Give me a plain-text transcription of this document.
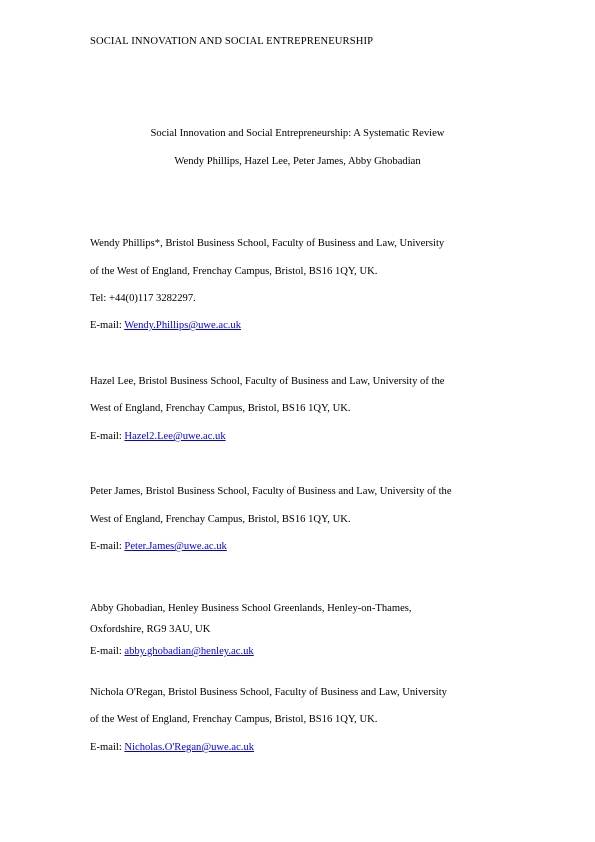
SOCIAL INNOVATION AND SOCIAL ENTREPRENEURSHIP
Social Innovation and Social Entrepreneurship: A Systematic Review
Wendy Phillips, Hazel Lee, Peter James, Abby Ghobadian
Wendy Phillips*, Bristol Business School, Faculty of Business and Law, University
of the West of England, Frenchay Campus, Bristol, BS16 1QY, UK.
Tel: +44(0)117 3282297.
E-mail: Wendy.Phillips@uwe.ac.uk
Hazel Lee, Bristol Business School, Faculty of Business and Law, University of the
West of England, Frenchay Campus, Bristol, BS16 1QY, UK.
E-mail: Hazel2.Lee@uwe.ac.uk
Peter James, Bristol Business School, Faculty of Business and Law, University of the
West of England, Frenchay Campus, Bristol, BS16 1QY, UK.
E-mail: Peter.James@uwe.ac.uk
Abby Ghobadian, Henley Business School Greenlands, Henley-on-Thames,
Oxfordshire, RG9 3AU, UK
E-mail: abby.ghobadian@henley.ac.uk
Nichola O'Regan, Bristol Business School, Faculty of Business and Law, University
of the West of England, Frenchay Campus, Bristol, BS16 1QY, UK.
E-mail: Nicholas.O'Regan@uwe.ac.uk
